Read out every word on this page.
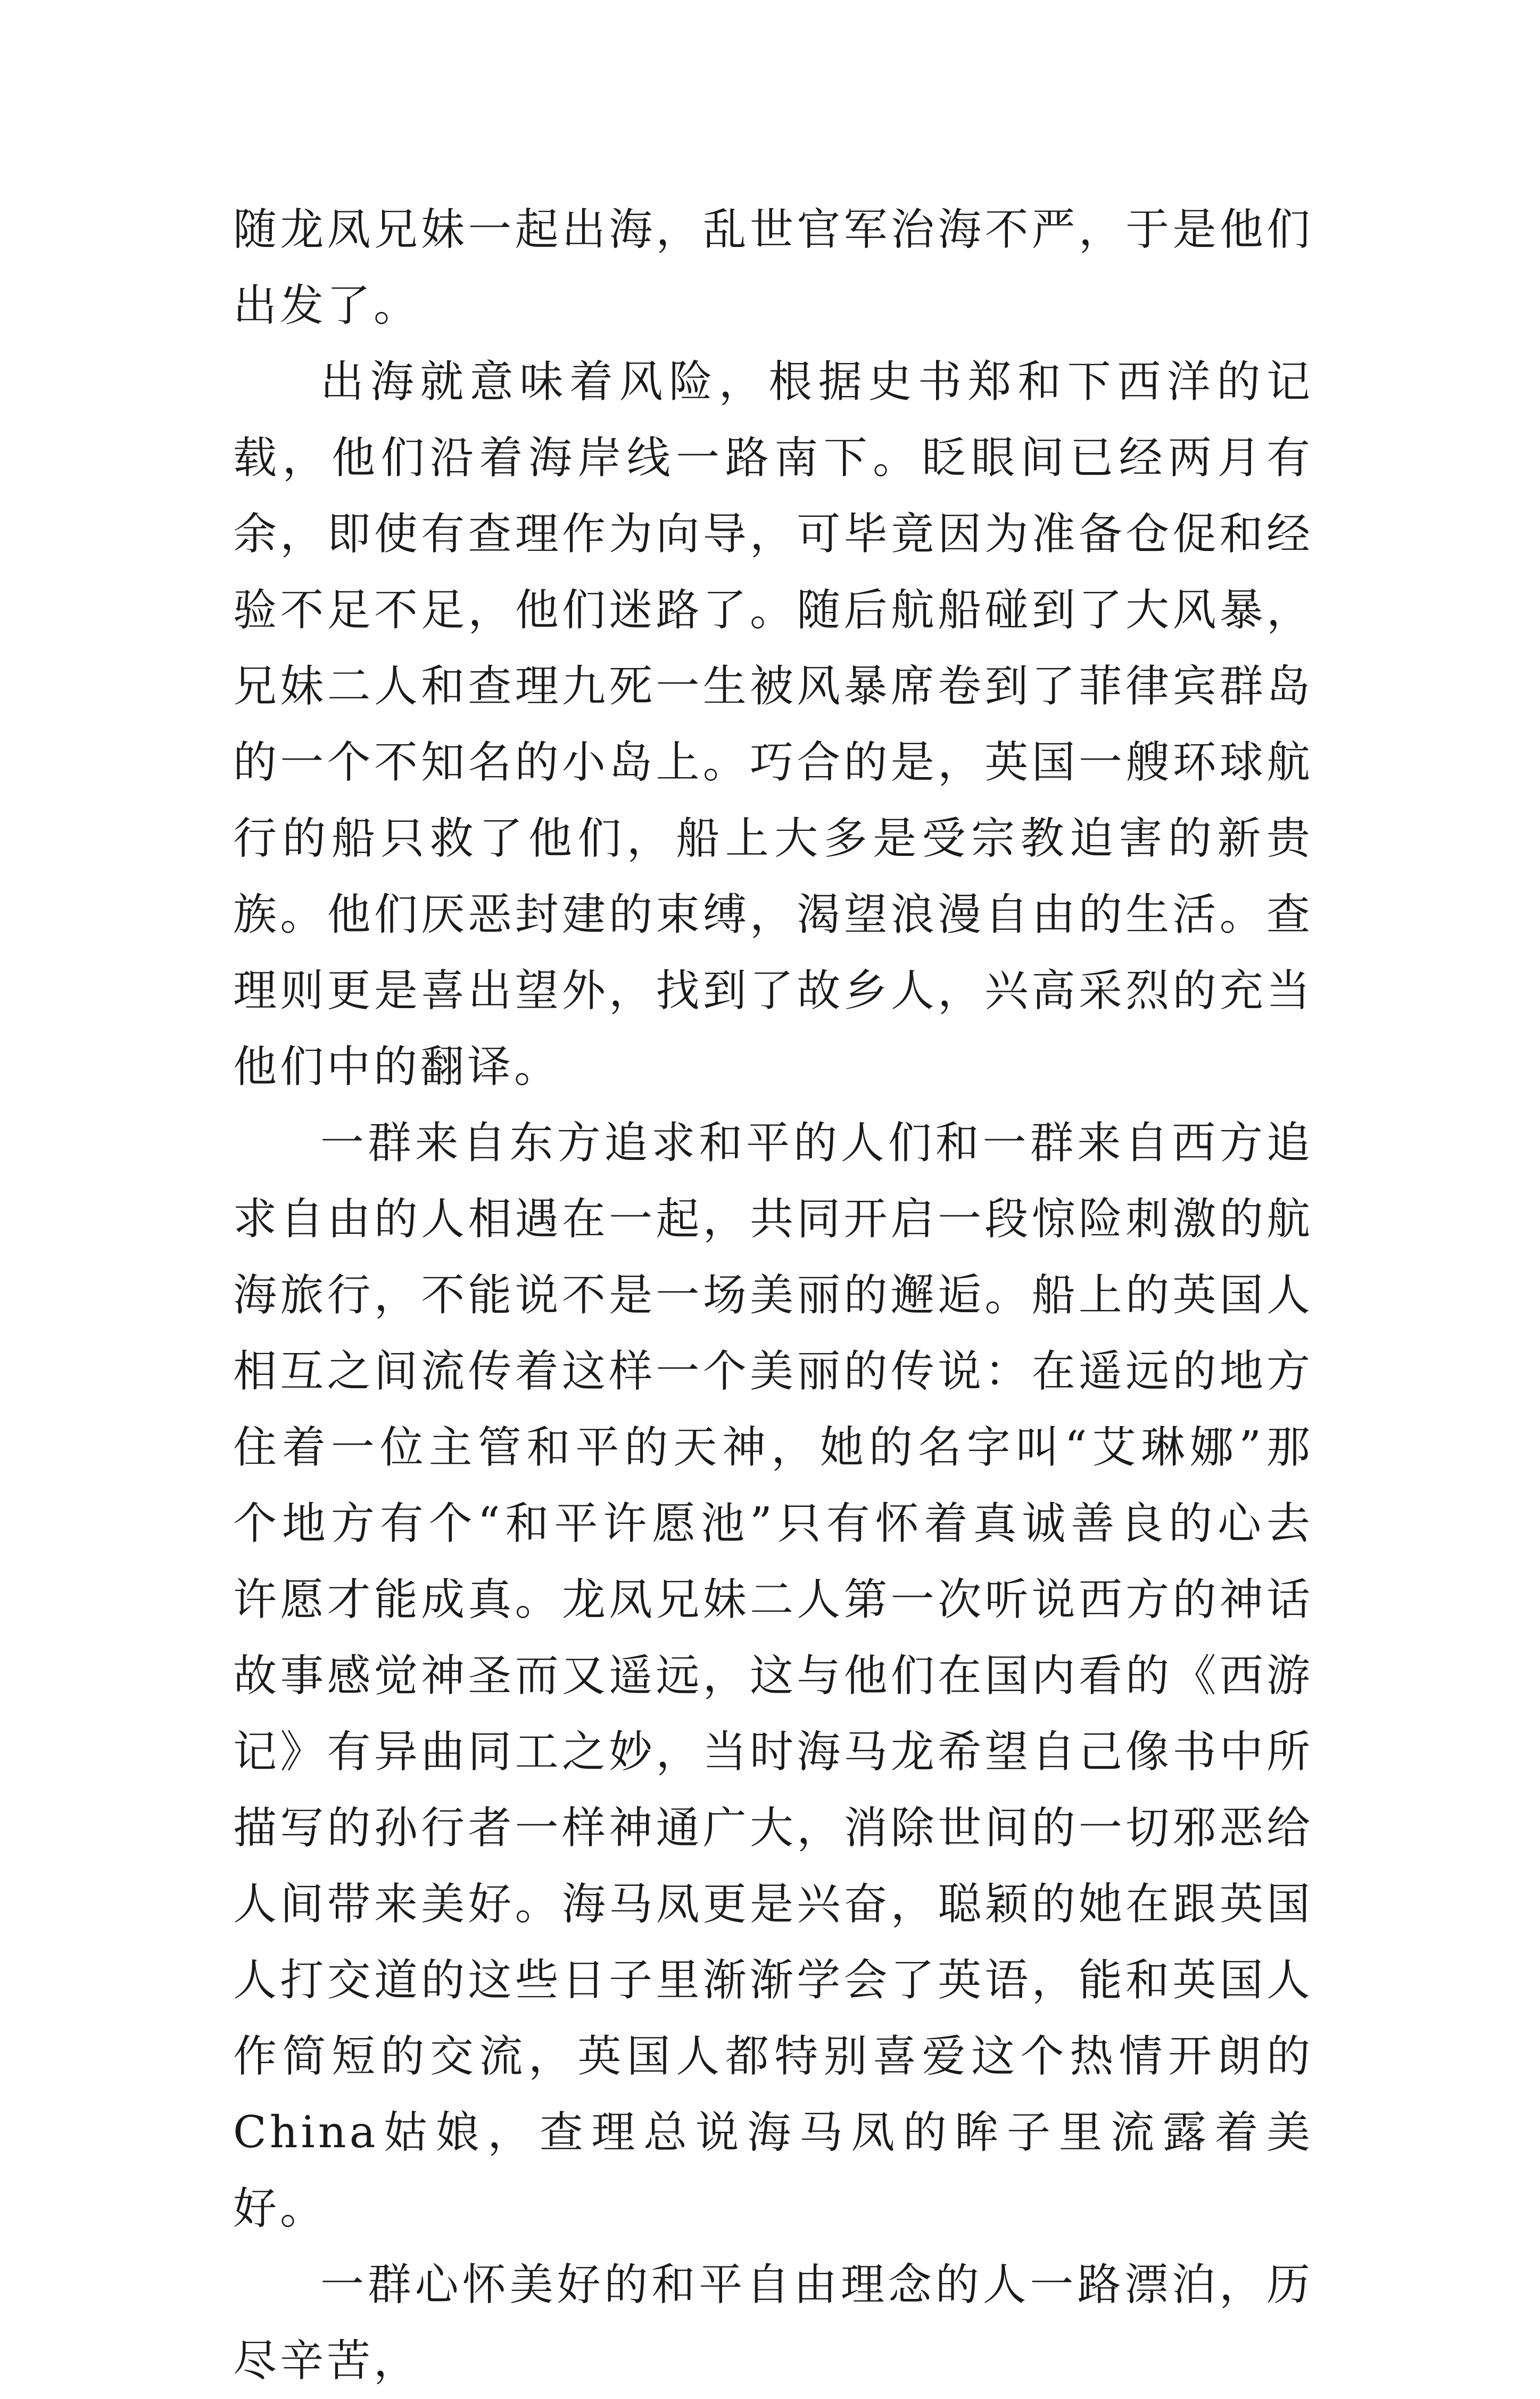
随龙凤兄妹一起出海，乱世官军治海不严，于是他们出发了。

出海就意味着风险，根据史书郑和下西洋的记载，他们沿着海岸线一路南下。眨眼间已经两月有余，即使有查理作为向导，可毕竟因为准备仓促和经验不足不足，他们迷路了。随后航船碰到了大风暴，兄妹二人和查理九死一生被风暴席卷到了菲律宾群岛的一个不知名的小岛上。巧合的是，英国一艘环球航行的船只救了他们，船上大多是受宗教迫害的新贵族。他们厌恶封建的束缚，渴望浪漫自由的生活。查理则更是喜出望外，找到了故乡人，兴高采烈的充当他们中的翻译。

一群来自东方追求和平的人们和一群来自西方追求自由的人相遇在一起，共同开启一段惊险刺激的航海旅行，不能说不是一场美丽的邂逅。船上的英国人相互之间流传着这样一个美丽的传说：在遥远的地方住着一位主管和平的天神，她的名字叫“艾琳娜”那个地方有个“和平许愿池”只有怀着真诚善良的心去许愿才能成真。龙凤兄妹二人第一次听说西方的神话故事感觉神圣而又遥远，这与他们在国内看的《西游记》有异曲同工之妙，当时海马龙希望自己像书中所描写的孙行者一样神通广大，消除世间的一切邪恶给人间带来美好。海马凤更是兴奋，聪颖的她在跟英国人打交道的这些日子里渐渐学会了英语，能和英国人作简短的交流，英国人都特别喜爱这个热情开朗的China姑娘，查理总说海马凤的眸子里流露着美好。

一群心怀美好的和平自由理念的人一路漂泊，历尽辛苦，
